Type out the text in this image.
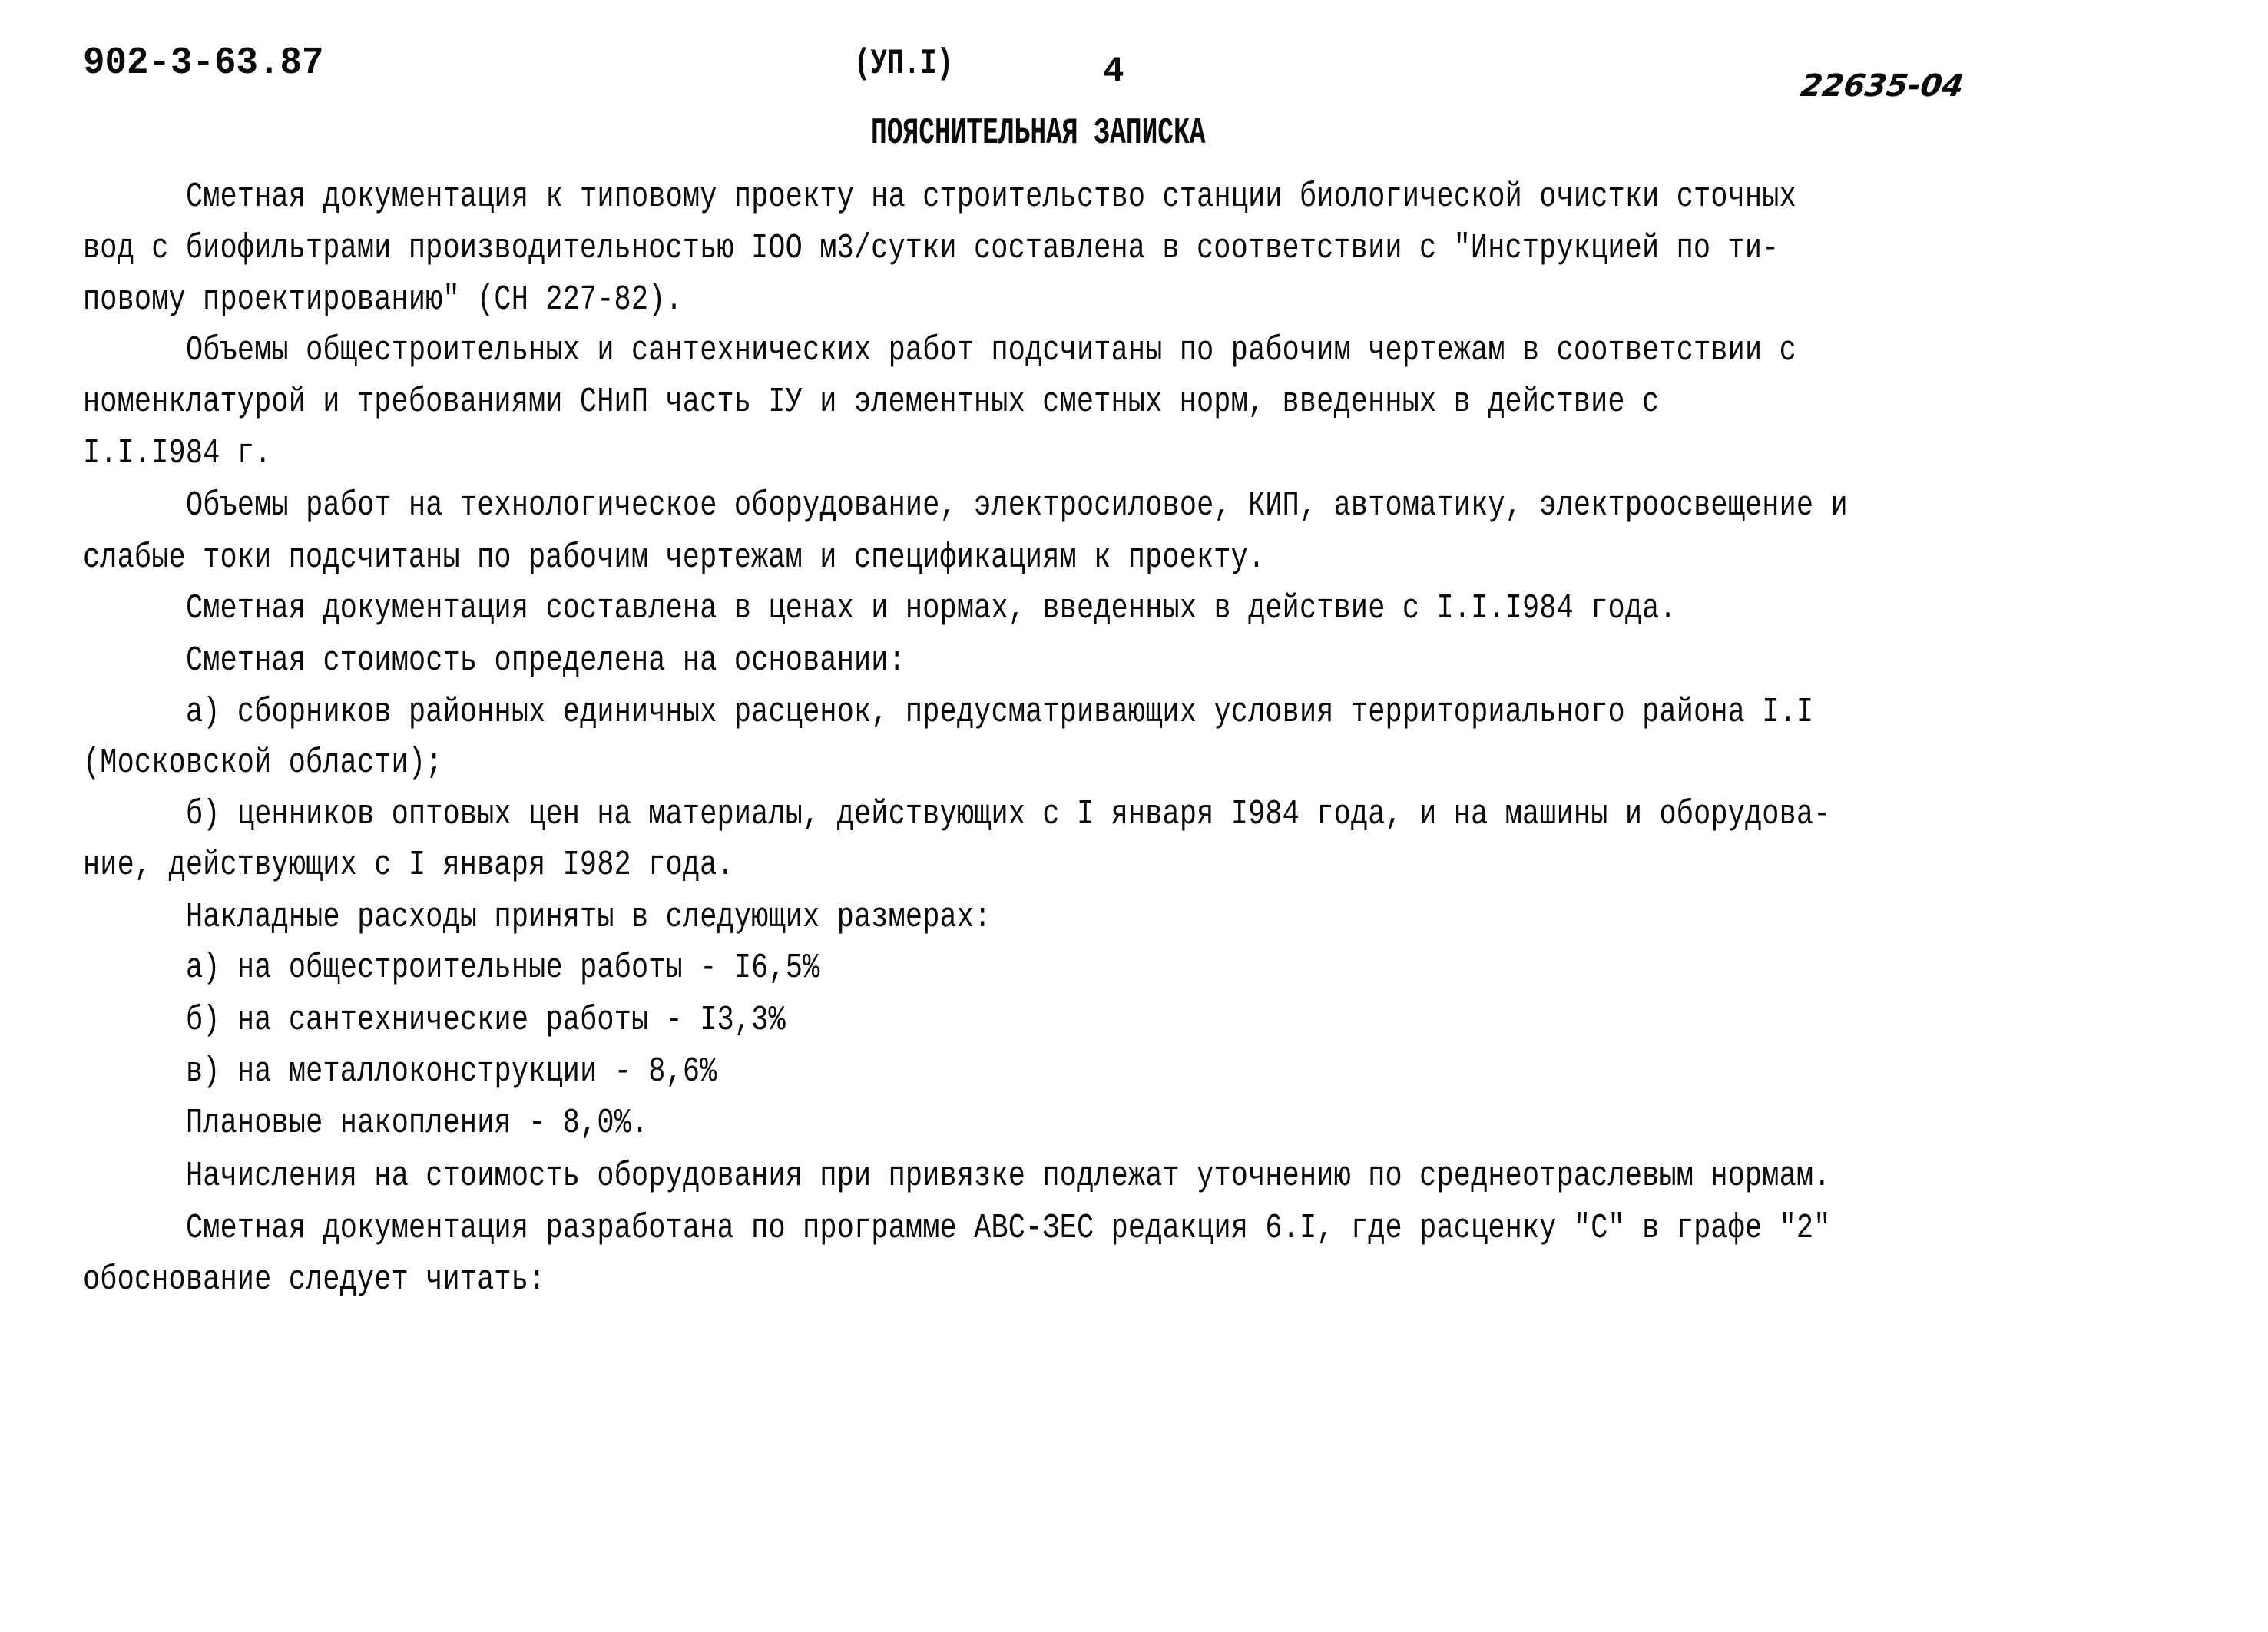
902-3-63.87	(УП.I)	4	22635-04
ПОЯСНИТЕЛЬНАЯ ЗАПИСКА
Сметная документация к типовому проекту на строительство станции биологической очистки сточных
вод с биофильтрами производительностью IOO м3/сутки составлена в соответствии с "Инструкцией по ти-
повому проектированию" (СН 227-82).
Объемы общестроительных и сантехнических работ подсчитаны по рабочим чертежам в соответствии с
номенклатурой и требованиями СНиП часть IУ и элементных сметных норм, введенных в действие с
I.I.I984 г.
Объемы работ на технологическое оборудование, электросиловое, КИП, автоматику, электроосвещение и
слабые токи подсчитаны по рабочим чертежам и спецификациям к проекту.
Сметная документация составлена в ценах и нормах, введенных в действие с I.I.I984 года.
Сметная стоимость определена на основании:
а) сборников районных единичных расценок, предусматривающих условия территориального района I.I
(Московской области);
б) ценников оптовых цен на материалы, действующих с I января I984 года, и на машины и оборудова-
ние, действующих с I января I982 года.
Накладные расходы приняты в следующих размерах:
а) на общестроительные работы - I6,5%
б) на сантехнические работы - I3,3%
в) на металлоконструкции - 8,6%
Плановые накопления - 8,0%.
Начисления на стоимость оборудования при привязке подлежат уточнению по среднеотраслевым нормам.
Сметная документация разработана по программе АВС-ЗЕС редакция 6.I, где расценку "С" в графе "2"
обоснование следует читать:
